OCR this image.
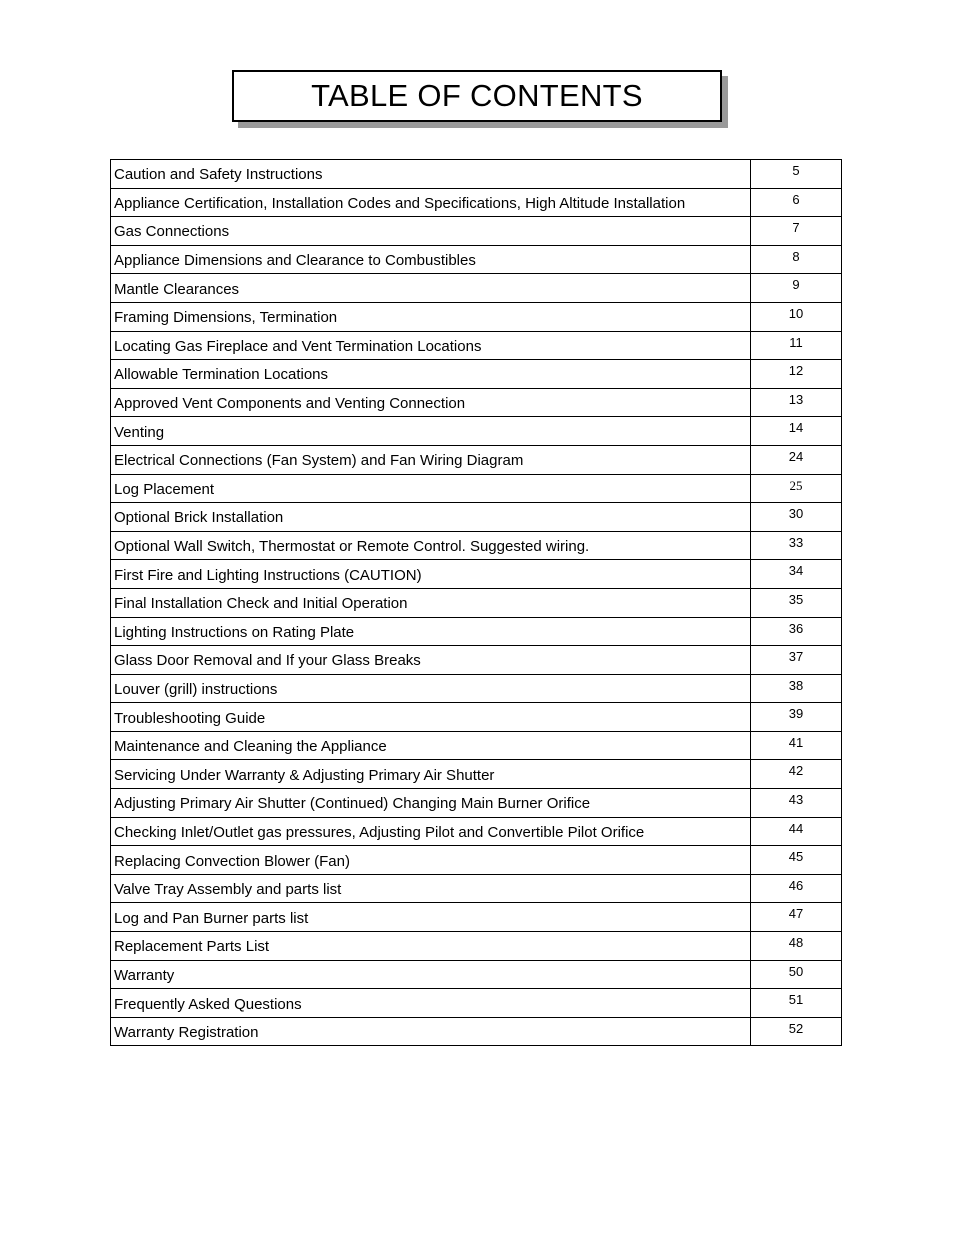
TABLE OF CONTENTS
Caution and Safety Instructions	5
Appliance Certification, Installation Codes and Specifications, High Altitude Installation	6
Gas Connections	7
Appliance Dimensions and Clearance to Combustibles	8
Mantle Clearances	9
Framing Dimensions, Termination	10
Locating Gas Fireplace and Vent Termination Locations	11
Allowable Termination Locations	12
Approved Vent Components and Venting Connection	13
Venting	14
Electrical Connections (Fan System) and Fan Wiring Diagram	24
Log Placement	25
Optional Brick Installation	30
Optional Wall Switch, Thermostat or Remote Control. Suggested wiring.	33
First Fire and Lighting Instructions (CAUTION)	34
Final Installation Check and Initial Operation	35
Lighting Instructions on Rating Plate	36
Glass Door Removal and If your Glass Breaks	37
Louver (grill) instructions	38
Troubleshooting Guide	39
Maintenance and Cleaning the Appliance	41
Servicing Under Warranty & Adjusting Primary Air Shutter	42
Adjusting Primary Air Shutter (Continued) Changing Main Burner Orifice	43
Checking Inlet/Outlet gas pressures, Adjusting Pilot and Convertible Pilot Orifice	44
Replacing Convection Blower (Fan)	45
Valve Tray Assembly and parts list	46
Log and Pan Burner parts list	47
Replacement Parts List	48
Warranty	50
Frequently Asked Questions	51
Warranty Registration	52
